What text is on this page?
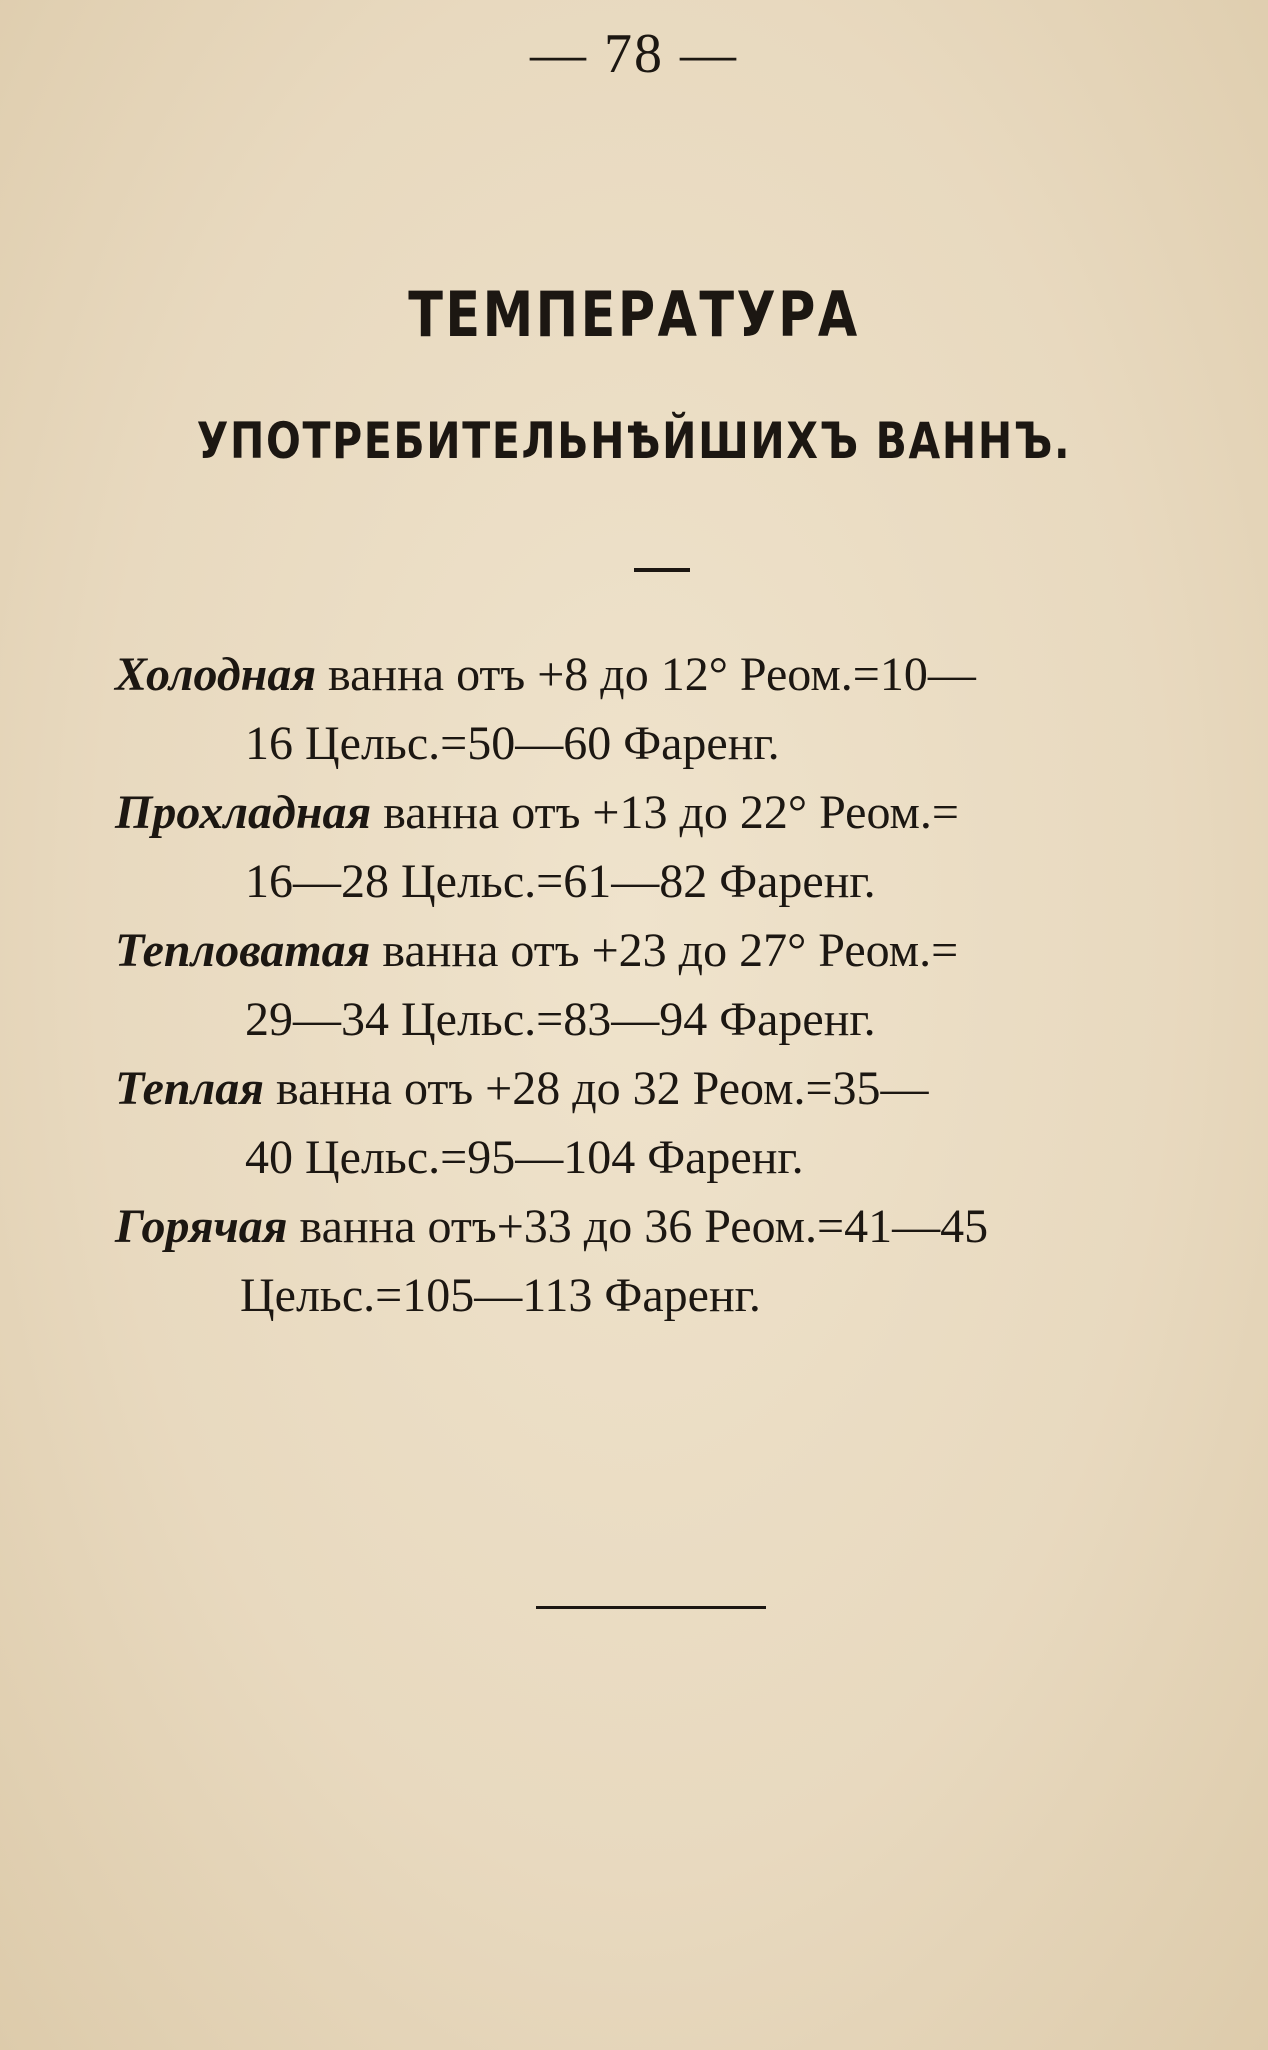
— 78 —
ТЕМПЕРАТУРА
УПОТРЕБИТЕЛЬНѢЙШИХЪ ВАННЪ.
Холодная ванна отъ +8 до 12° Реом.=10—
16 Цельс.=50—60 Фаренг.
Прохладная ванна отъ +13 до 22° Реом.=
16—28 Цельс.=61—82 Фаренг.
Тепловатая ванна отъ +23 до 27° Реом.=
29—34 Цельс.=83—94 Фаренг.
Теплая ванна отъ +28 до 32 Реом.=35—
40 Цельс.=95—104 Фаренг.
Горячая ванна отъ+33 до 36 Реом.=41—45
Цельс.=105—113 Фаренг.
